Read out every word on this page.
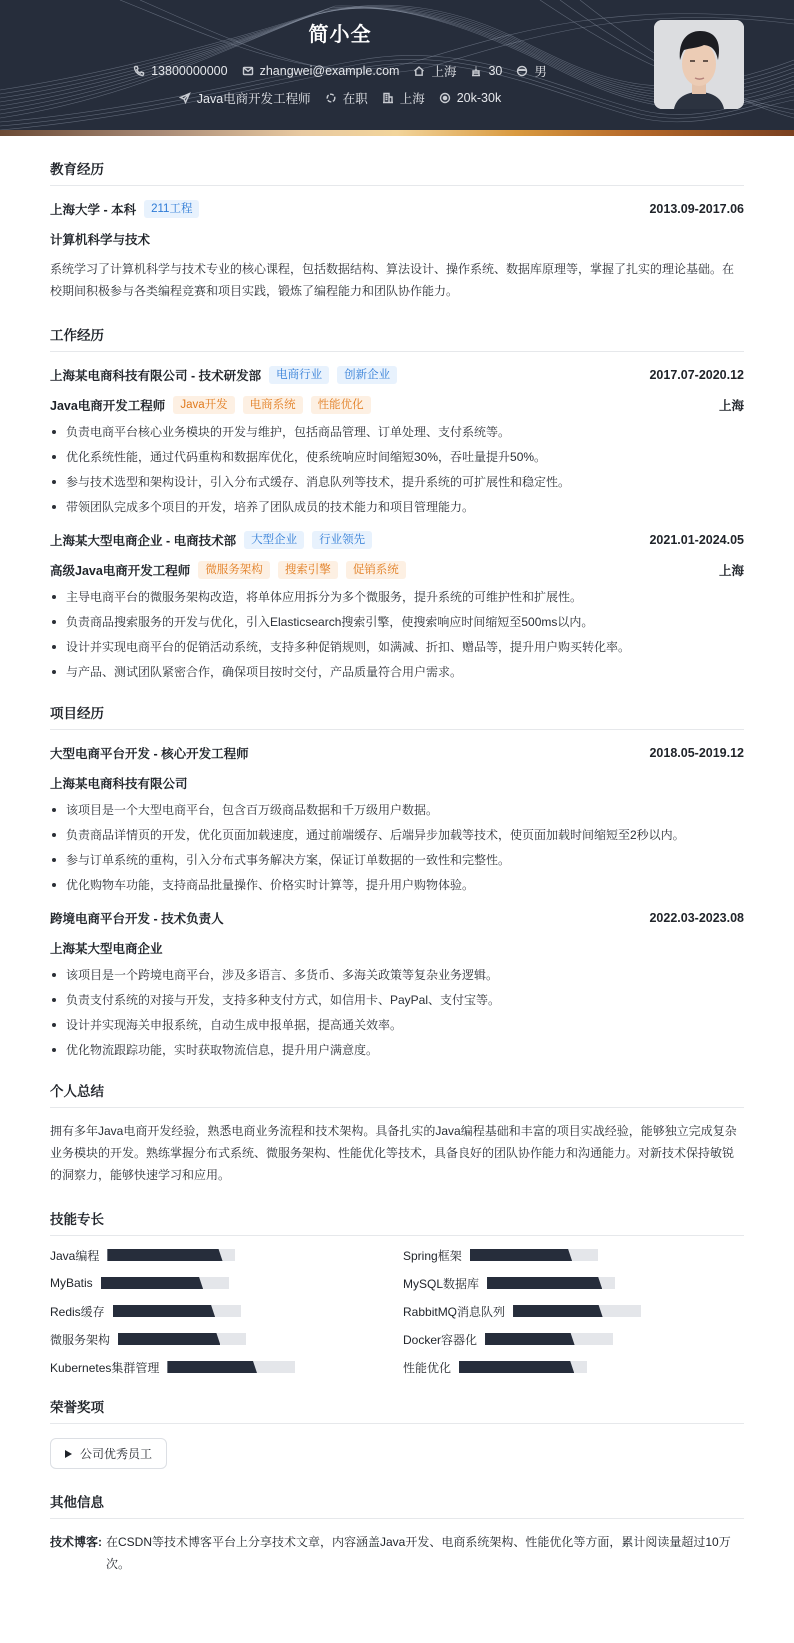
简小全
13800000000	zhangwei@example.com	上海	30	男
Java电商开发工程师	在职	上海	20k-30k
教育经历
上海大学 - 本科	211工程	2013.09-2017.06
计算机科学与技术
系统学习了计算机科学与技术专业的核心课程，包括数据结构、算法设计、操作系统、数据库原理等，掌握了扎实的理论基础。在校期间积极参与各类编程竞赛和项目实践，锻炼了编程能力和团队协作能力。
工作经历
上海某电商科技有限公司 - 技术研发部	电商行业	创新企业	2017.07-2020.12
Java电商开发工程师	Java开发	电商系统	性能优化	上海
负责电商平台核心业务模块的开发与维护，包括商品管理、订单处理、支付系统等。
优化系统性能，通过代码重构和数据库优化，使系统响应时间缩短30%，吞吐量提升50%。
参与技术选型和架构设计，引入分布式缓存、消息队列等技术，提升系统的可扩展性和稳定性。
带领团队完成多个项目的开发，培养了团队成员的技术能力和项目管理能力。
上海某大型电商企业 - 电商技术部	大型企业	行业领先	2021.01-2024.05
高级Java电商开发工程师	微服务架构	搜索引擎	促销系统	上海
主导电商平台的微服务架构改造，将单体应用拆分为多个微服务，提升系统的可维护性和扩展性。
负责商品搜索服务的开发与优化，引入Elasticsearch搜索引擎，使搜索响应时间缩短至500ms以内。
设计并实现电商平台的促销活动系统，支持多种促销规则，如满减、折扣、赠品等，提升用户购买转化率。
与产品、测试团队紧密合作，确保项目按时交付，产品质量符合用户需求。
项目经历
大型电商平台开发 - 核心开发工程师	2018.05-2019.12
上海某电商科技有限公司
该项目是一个大型电商平台，包含百万级商品数据和千万级用户数据。
负责商品详情页的开发，优化页面加载速度，通过前端缓存、后端异步加载等技术，使页面加载时间缩短至2秒以内。
参与订单系统的重构，引入分布式事务解决方案，保证订单数据的一致性和完整性。
优化购物车功能，支持商品批量操作、价格实时计算等，提升用户购物体验。
跨境电商平台开发 - 技术负责人	2022.03-2023.08
上海某大型电商企业
该项目是一个跨境电商平台，涉及多语言、多货币、多海关政策等复杂业务逻辑。
负责支付系统的对接与开发，支持多种支付方式，如信用卡、PayPal、支付宝等。
设计并实现海关申报系统，自动生成申报单据，提高通关效率。
优化物流跟踪功能，实时获取物流信息，提升用户满意度。
个人总结
拥有多年Java电商开发经验，熟悉电商业务流程和技术架构。具备扎实的Java编程基础和丰富的项目实战经验，能够独立完成复杂业务模块的开发。熟练掌握分布式系统、微服务架构、性能优化等技术，具备良好的团队协作能力和沟通能力。对新技术保持敏锐的洞察力，能够快速学习和应用。
技能专长
Java编程	Spring框架
MyBatis	MySQL数据库
Redis缓存	RabbitMQ消息队列
微服务架构	Docker容器化
Kubernetes集群管理	性能优化
荣誉奖项
公司优秀员工
其他信息
技术博客: 在CSDN等技术博客平台上分享技术文章，内容涵盖Java开发、电商系统架构、性能优化等方面，累计阅读量超过10万次。
